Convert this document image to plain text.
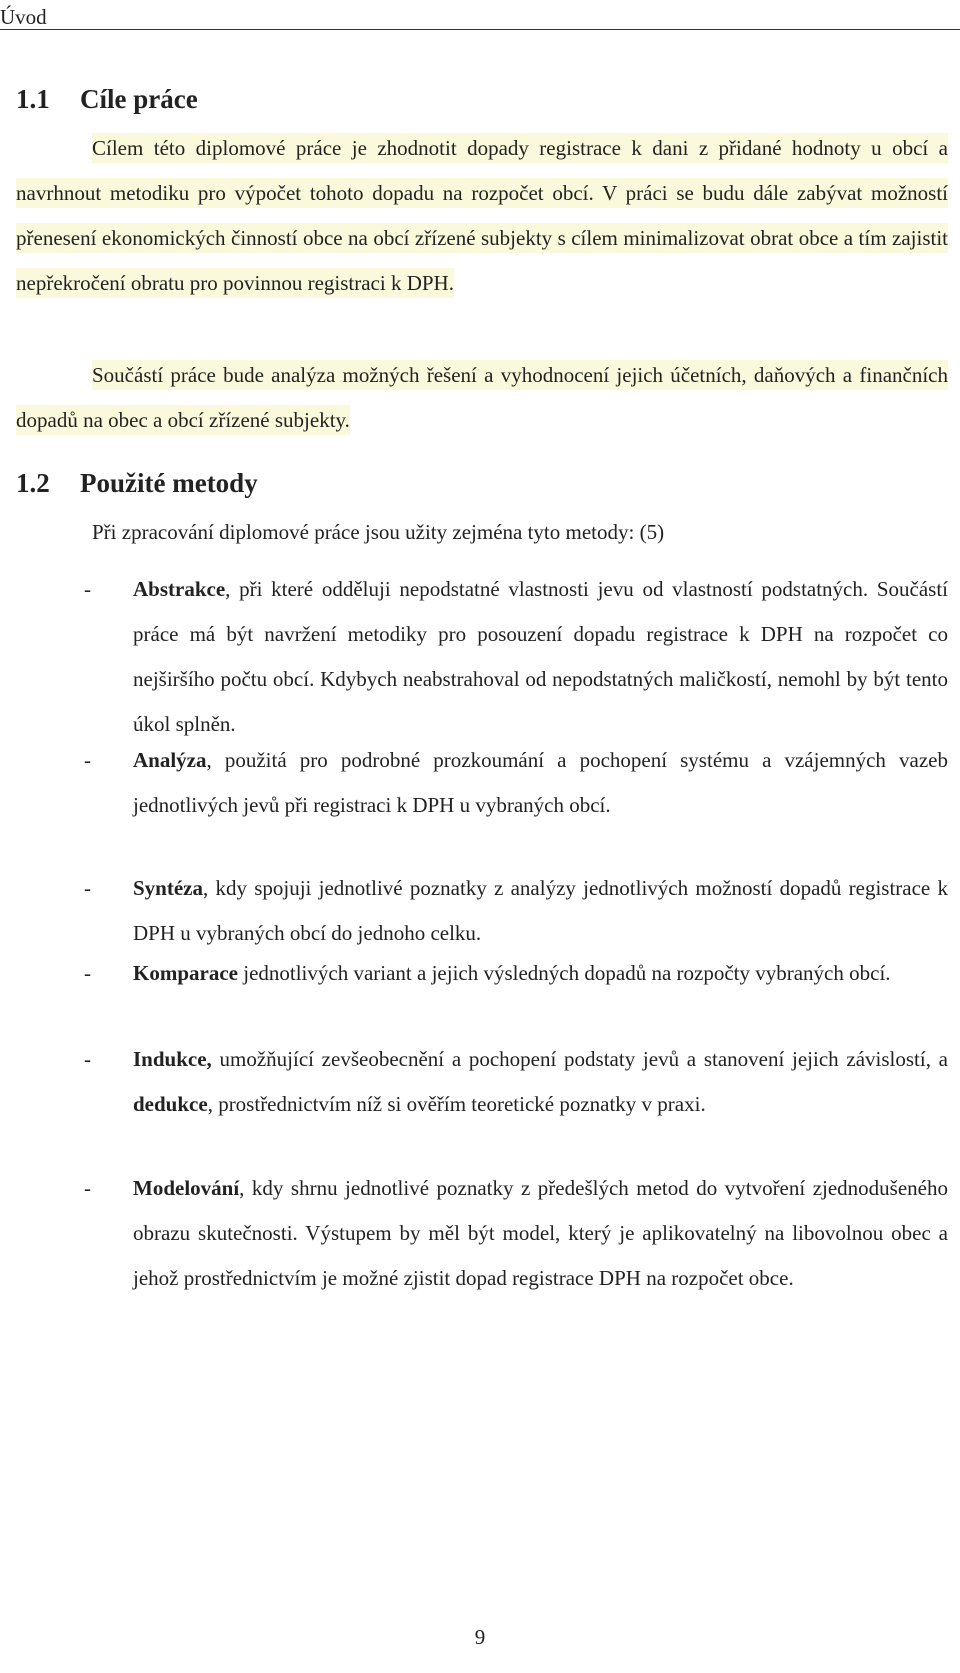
Úvod
1.1 Cíle práce

Cílem této diplomové práce je zhodnotit dopady registrace k dani z přidané hodnoty u obcí a navrhnout metodiku pro výpočet tohoto dopadu na rozpočet obcí. V práci se budu dále zabývat možností přenesení ekonomických činností obce na obcí zřízené subjekty s cílem minimalizovat obrat obce a tím zajistit nepřekročení obratu pro povinnou registraci k DPH.

Součástí práce bude analýza možných řešení a vyhodnocení jejich účetních, daňových a finančních dopadů na obec a obcí zřízené subjekty.

1.2 Použité metody

Při zpracování diplomové práce jsou užity zejména tyto metody: (5)

-	Abstrakce, při které odděluji nepodstatné vlastnosti jevu od vlastností podstatných. Součástí práce má být navržení metodiky pro posouzení dopadu registrace k DPH na rozpočet co nejširšího počtu obcí. Kdybych neabstrahoval od nepodstatných maličkostí, nemohl by být tento úkol splněn.
-	Analýza, použitá pro podrobné prozkoumání a pochopení systému a vzájemných vazeb jednotlivých jevů při registraci k DPH u vybraných obcí.
-	Syntéza, kdy spojuji jednotlivé poznatky z analýzy jednotlivých možností dopadů registrace k DPH u vybraných obcí do jednoho celku.
-	Komparace jednotlivých variant a jejich výsledných dopadů na rozpočty vybraných obcí.
-	Indukce, umožňující zevšeobecnění a pochopení podstaty jevů a stanovení jejich závislostí, a dedukce, prostřednictvím níž si ověřím teoretické poznatky v praxi.
-	Modelování, kdy shrnu jednotlivé poznatky z předešlých metod do vytvoření zjednodušeného obrazu skutečnosti. Výstupem by měl být model, který je aplikovatelný na libovolnou obec a jehož prostřednictvím je možné zjistit dopad registrace DPH na rozpočet obce.
9
